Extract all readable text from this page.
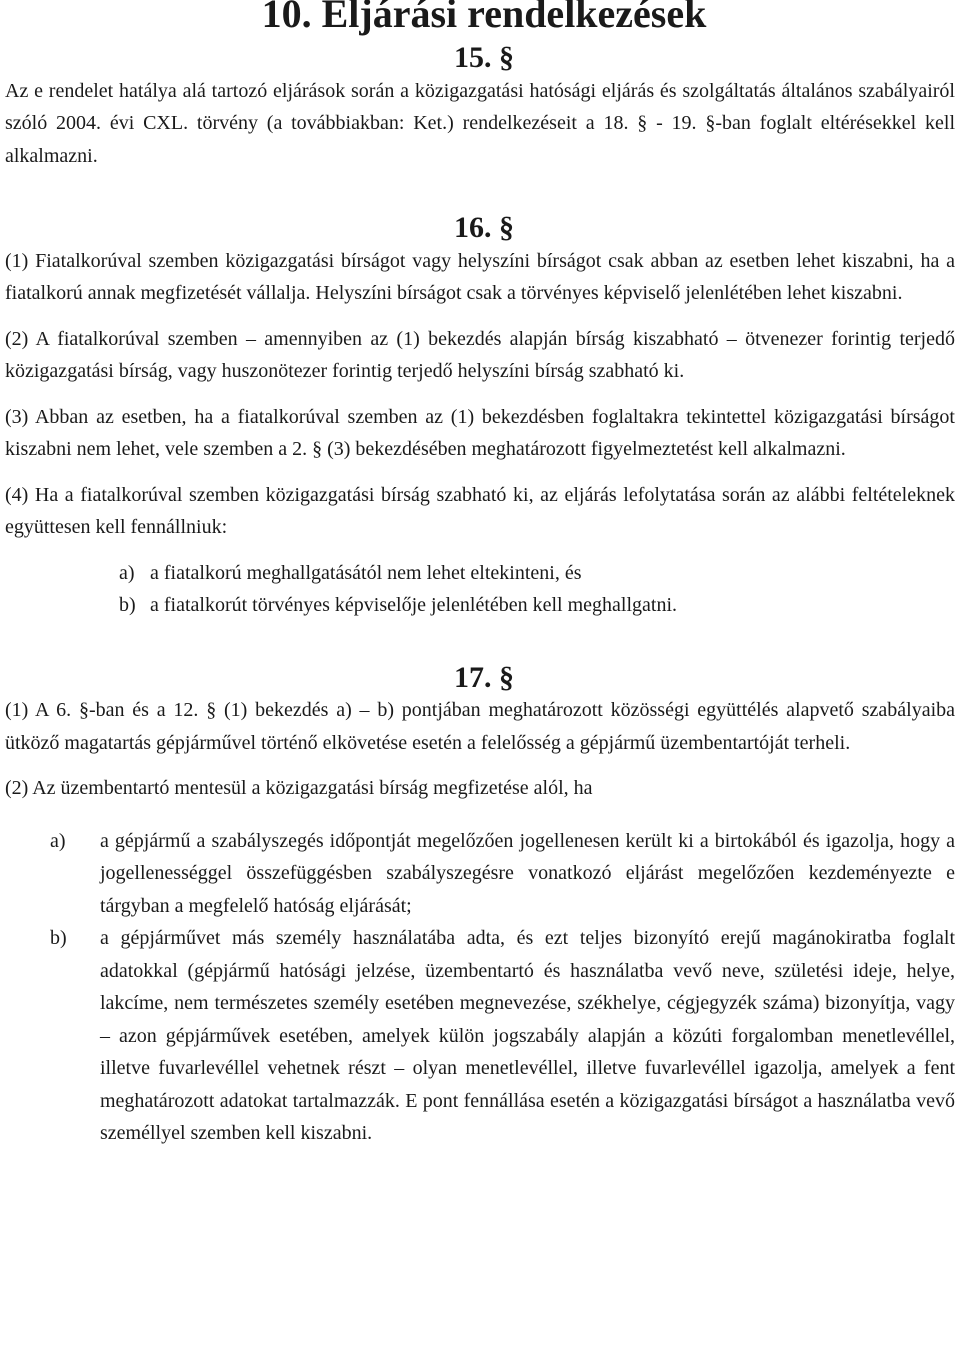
10. Eljárási rendelkezések
15. §

Az e rendelet hatálya alá tartozó eljárások során a közigazgatási hatósági eljárás és szolgáltatás általános szabályairól szóló 2004. évi CXL. törvény (a továbbiakban: Ket.) rendelkezéseit a 18. § - 19. §-ban foglalt eltérésekkel kell alkalmazni.

16. §

(1) Fiatalkorúval szemben közigazgatási bírságot vagy helyszíni bírságot csak abban az esetben lehet kiszabni, ha a fiatalkorú annak megfizetését vállalja. Helyszíni bírságot csak a törvényes képviselő jelenlétében lehet kiszabni.

(2) A fiatalkorúval szemben – amennyiben az (1) bekezdés alapján bírság kiszabható – ötvenezer forintig terjedő közigazgatási bírság, vagy huszonötezer forintig terjedő helyszíni bírság szabható ki.

(3) Abban az esetben, ha a fiatalkorúval szemben az (1) bekezdésben foglaltakra tekintettel közigazgatási bírságot kiszabni nem lehet, vele szemben a 2. § (3) bekezdésében meghatározott figyelmeztetést kell alkalmazni.

(4) Ha a fiatalkorúval szemben közigazgatási bírság szabható ki, az eljárás lefolytatása során az alábbi feltételeknek együttesen kell fennállniuk:

a) a fiatalkorú meghallgatásától nem lehet eltekinteni, és
b) a fiatalkorút törvényes képviselője jelenlétében kell meghallgatni.
17. §

(1) A 6. §-ban és a 12. § (1) bekezdés a) – b) pontjában meghatározott közösségi együttélés alapvető szabályaiba ütköző magatartás gépjárművel történő elkövetése esetén a felelősség a gépjármű üzembentartóját terheli.

(2) Az üzembentartó mentesül a közigazgatási bírság megfizetése alól, ha

a) a gépjármű a szabályszegés időpontját megelőzően jogellenesen került ki a birtokából és igazolja, hogy a jogellenességgel összefüggésben szabályszegésre vonatkozó eljárást megelőzően kezdeményezte e tárgyban a megfelelő hatóság eljárását;
b) a gépjárművet más személy használatába adta, és ezt teljes bizonyító erejű magánokiratba foglalt adatokkal (gépjármű hatósági jelzése, üzembentartó és használatba vevő neve, születési ideje, helye, lakcíme, nem természetes személy esetében megnevezése, székhelye, cégjegyzék száma) bizonyítja, vagy – azon gépjárművek esetében, amelyek külön jogszabály alapján a közúti forgalomban menetlevéllel, illetve fuvarlevéllel vehetnek részt – olyan menetlevéllel, illetve fuvarlevéllel igazolja, amelyek a fent meghatározott adatokat tartalmazzák. E pont fennállása esetén a közigazgatási bírságot a használatba vevő személlyel szemben kell kiszabni.
